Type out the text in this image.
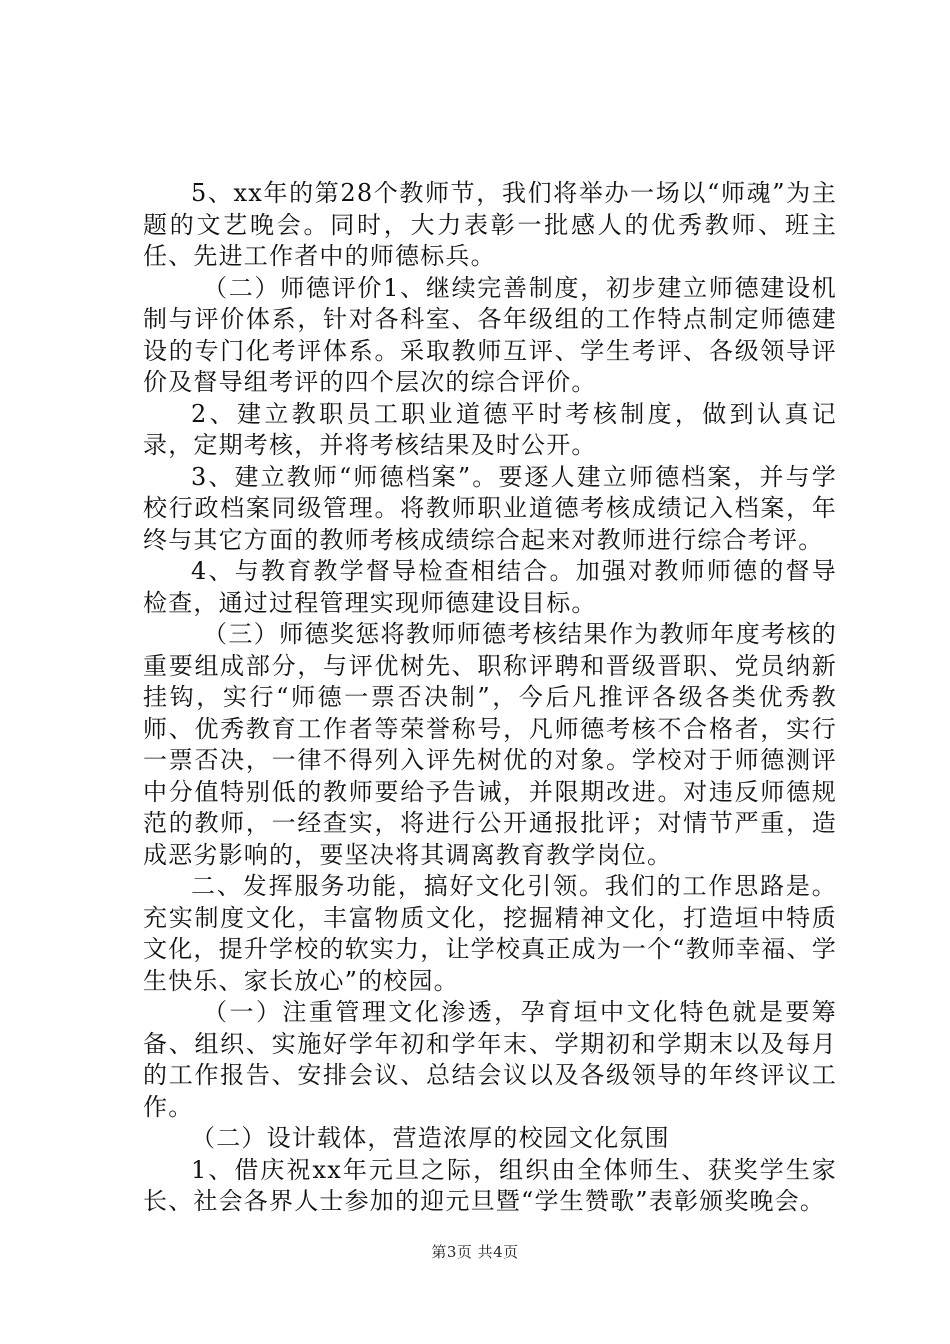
5、xx年的第28个教师节，我们将举办一场以“师魂”为主题的文艺晚会。同时，大力表彰一批感人的优秀教师、班主任、先进工作者中的师德标兵。

（二）师德评价1、继续完善制度，初步建立师德建设机制与评价体系，针对各科室、各年级组的工作特点制定师德建设的专门化考评体系。采取教师互评、学生考评、各级领导评价及督导组考评的四个层次的综合评价。

2、建立教职员工职业道德平时考核制度，做到认真记录，定期考核，并将考核结果及时公开。

3、建立教师“师德档案”。要逐人建立师德档案，并与学校行政档案同级管理。将教师职业道德考核成绩记入档案，年终与其它方面的教师考核成绩综合起来对教师进行综合考评。

4、与教育教学督导检查相结合。加强对教师师德的督导检查，通过过程管理实现师德建设目标。

（三）师德奖惩将教师师德考核结果作为教师年度考核的重要组成部分，与评优树先、职称评聘和晋级晋职、党员纳新挂钩，实行“师德一票否决制”，今后凡推评各级各类优秀教师、优秀教育工作者等荣誉称号，凡师德考核不合格者，实行一票否决，一律不得列入评先树优的对象。学校对于师德测评中分值特别低的教师要给予告诫，并限期改进。对违反师德规范的教师，一经查实，将进行公开通报批评；对情节严重，造成恶劣影响的，要坚决将其调离教育教学岗位。

二、发挥服务功能，搞好文化引领。我们的工作思路是。充实制度文化，丰富物质文化，挖掘精神文化，打造垣中特质文化，提升学校的软实力，让学校真正成为一个“教师幸福、学生快乐、家长放心”的校园。

（一）注重管理文化渗透，孕育垣中文化特色就是要筹备、组织、实施好学年初和学年末、学期初和学期末以及每月的工作报告、安排会议、总结会议以及各级领导的年终评议工作。

（二）设计载体，营造浓厚的校园文化氛围

1、借庆祝xx年元旦之际，组织由全体师生、获奖学生家长、社会各界人士参加的迎元旦暨“学生赞歌”表彰颁奖晚会。

第3页 共4页
